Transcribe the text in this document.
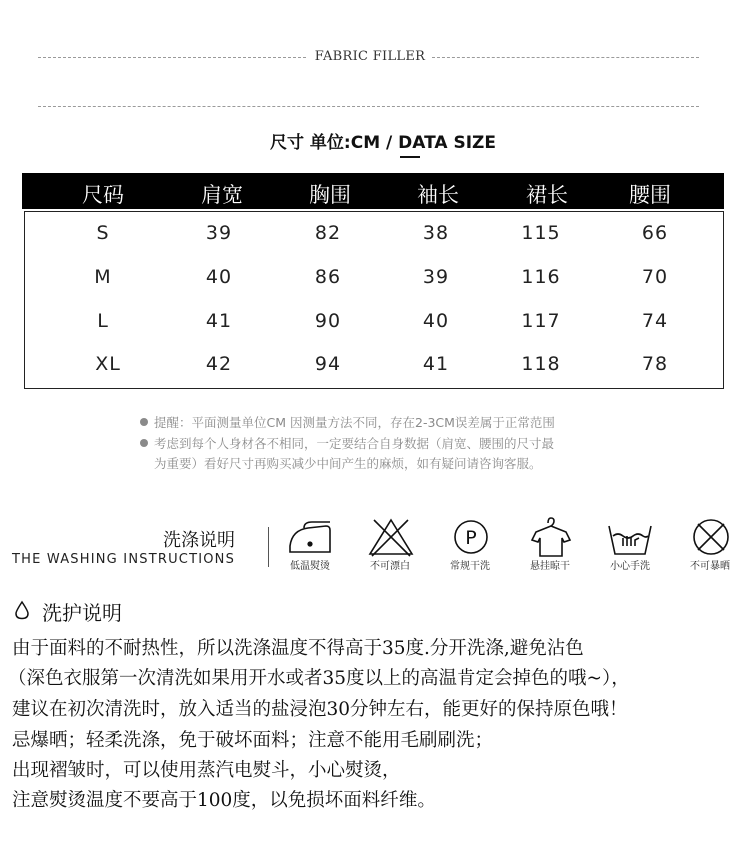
FABRIC FILLER
尺寸 单位:CM / DATA SIZE
尺码	肩宽	胸围	袖长	裙长	腰围
S	39	82	38	115	66
M	40	86	39	116	70
L	41	90	40	117	74
XL	42	94	41	118	78
提醒：平面测量单位CM 因测量方法不同，存在2-3CM误差属于正常范围
考虑到每个人身材各不相同，一定要结合自身数据（肩宽、腰围的尺寸最
为重要）看好尺寸再购买减少中间产生的麻烦，如有疑问请咨询客服。
洗涤说明
THE WASHING INSTRUCTIONS	低温熨烫	不可漂白
P
常规干洗	悬挂晾干	小心手洗	不可暴晒
洗护说明
由于面料的不耐热性，所以洗涤温度不得高于35度.分开洗涤,避免沾色
（深色衣服第一次清洗如果用开水或者35度以上的高温肯定会掉色的哦~），
建议在初次清洗时，放入适当的盐浸泡30分钟左右，能更好的保持原色哦！
忌爆晒；轻柔洗涤，免于破坏面料；注意不能用毛刷刷洗；
出现褶皱时，可以使用蒸汽电熨斗，小心熨烫，
注意熨烫温度不要高于100度，以免损坏面料纤维。
